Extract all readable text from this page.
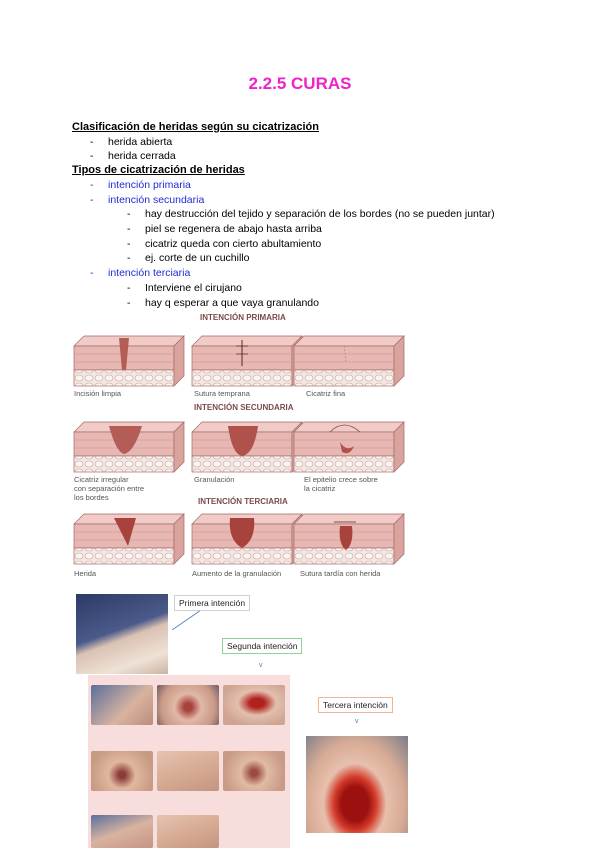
2.2.5 CURAS
Clasificación de heridas según su cicatrización
- herida abierta
- herida cerrada
Tipos de cicatrización de heridas
- intención primaria
- intención secundaria
- hay destrucción del tejido y separación de los bordes (no se pueden juntar)
- piel se regenera de abajo hasta arriba
- cicatriz queda con cierto abultamiento
- ej. corte de un cuchillo
- intención terciaria
- Interviene el cirujano
- hay q esperar a que vaya granulando
INTENCIÓN PRIMARIA
Incisión limpia	Sutura temprana	Cicatriz fina
INTENCIÓN SECUNDARIA
Cicatriz irregular con separación entre los bordes
Granulación	El epitelio crece sobre la cicatriz
INTENCIÓN TERCIARIA
Herida	Aumento de la granulación	Sutura tardía con herida
Primera intención
Segunda intención
v
Tercera intención
v
